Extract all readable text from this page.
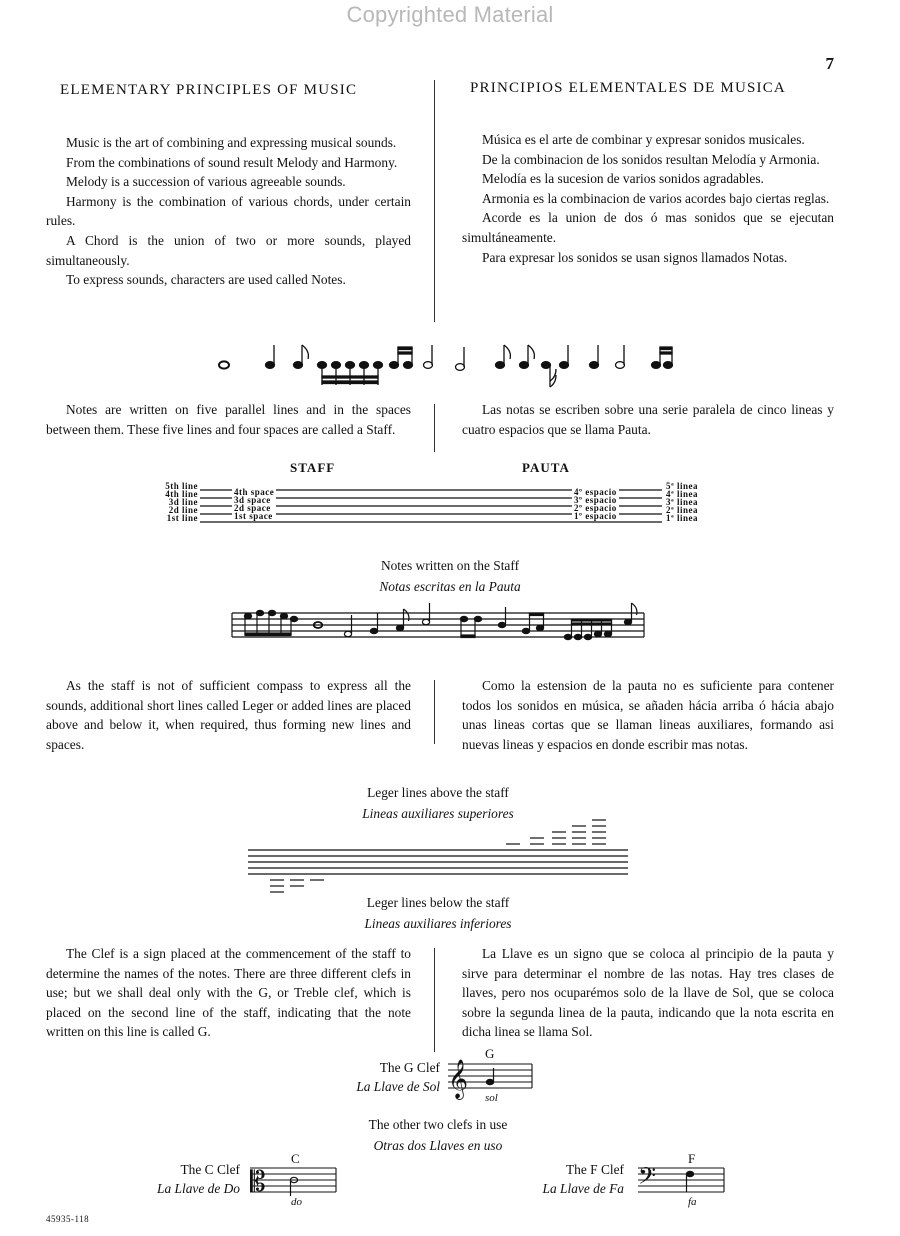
Copyrighted Material
7
ELEMENTARY PRINCIPLES OF MUSIC	PRINCIPIOS ELEMENTALES DE MUSICA

Music is the art of combining and expressing musical sounds.

From the combinations of sound result Melody and Harmony.

Melody is a succession of various agreeable sounds.

Harmony is the combination of various chords, under certain rules.

A Chord is the union of two or more sounds, played simultaneously.

To express sounds, characters are used called Notes.

Música es el arte de combinar y expresar sonidos musicales.

De la combinacion de los sonidos resultan Melodía y Armonia.

Melodía es la sucesion de varios sonidos agradables.

Armonia es la combinacion de varios acordes bajo ciertas reglas.

Acorde es la union de dos ó mas sonidos que se ejecutan simultáneamente.

Para expresar los sonidos se usan signos llamados Notas.

Notes are written on five parallel lines and in the spaces between them. These five lines and four spaces are called a Staff.

Las notas se escriben sobre una serie paralela de cinco lineas y cuatro espacios que se llama Pauta.

STAFF	PAUTA
5th line
4th line
3d line
2d line
1st line
4th space
3d space
2d space
1st space
4º espacio
3º espacio
2º espacio
1º espacio
5ª linea
4ª linea
3ª linea
2ª linea
1ª linea
Notes written on the Staff
Notas escritas en la Pauta

As the staff is not of sufficient compass to express all the sounds, additional short lines called Leger or added lines are placed above and below it, when required, thus forming new lines and spaces.

Como la estension de la pauta no es suficiente para contener todos los sonidos en música, se añaden hácia arriba ó hácia abajo unas lineas cortas que se llaman lineas auxiliares, formando asi nuevas lineas y espacios en donde escribir mas notas.

Leger lines above the staff
Lineas auxiliares superiores
Leger lines below the staff
Lineas auxiliares inferiores

The Clef is a sign placed at the commencement of the staff to determine the names of the notes. There are three different clefs in use; but we shall deal only with the G, or Treble clef, which is placed on the second line of the staff, indicating that the note written on this line is called G.

La Llave es un signo que se coloca al principio de la pauta y sirve para determinar el nombre de las notas. Hay tres clases de llaves, pero nos ocuparémos solo de la llave de Sol, que se coloca sobre la segunda linea de la pauta, indicando que la nota escrita en dicha linea se llama Sol.

The G Clef
La Llave de Sol 𝄞
G
sol
The other two clefs in use
Otras dos Llaves en uso
The C Clef
La Llave de Do 𝄡
C
do
The F Clef
La Llave de Fa 𝄢
F
fa
45935-118
